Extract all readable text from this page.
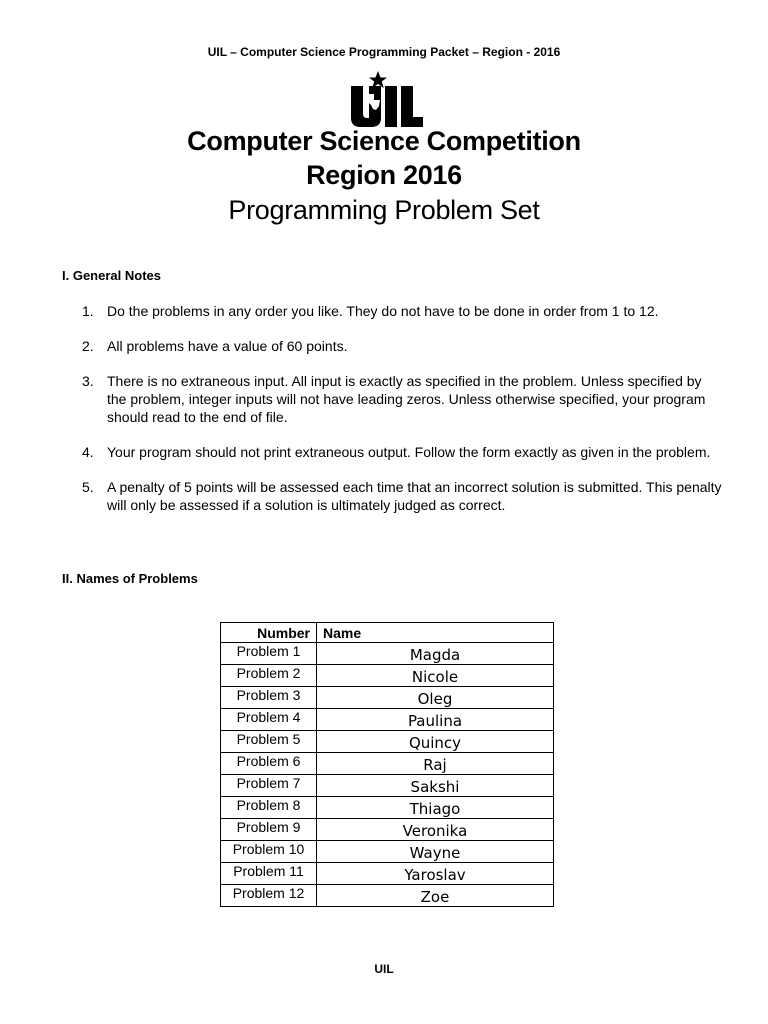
UIL – Computer Science Programming Packet – Region - 2016
Computer Science Competition
Region 2016
Programming Problem Set
I. General Notes
1. Do the problems in any order you like. They do not have to be done in order from 1 to 12.
2. All problems have a value of 60 points.
3. There is no extraneous input. All input is exactly as specified in the problem. Unless specified by the problem, integer inputs will not have leading zeros. Unless otherwise specified, your program should read to the end of file.
4. Your program should not print extraneous output. Follow the form exactly as given in the problem.
5. A penalty of 5 points will be assessed each time that an incorrect solution is submitted. This penalty will only be assessed if a solution is ultimately judged as correct.
II. Names of Problems
Number	Name
Problem 1	Magda
Problem 2	Nicole
Problem 3	Oleg
Problem 4	Paulina
Problem 5	Quincy
Problem 6	Raj
Problem 7	Sakshi
Problem 8	Thiago
Problem 9	Veronika
Problem 10	Wayne
Problem 11	Yaroslav
Problem 12	Zoe
UIL
